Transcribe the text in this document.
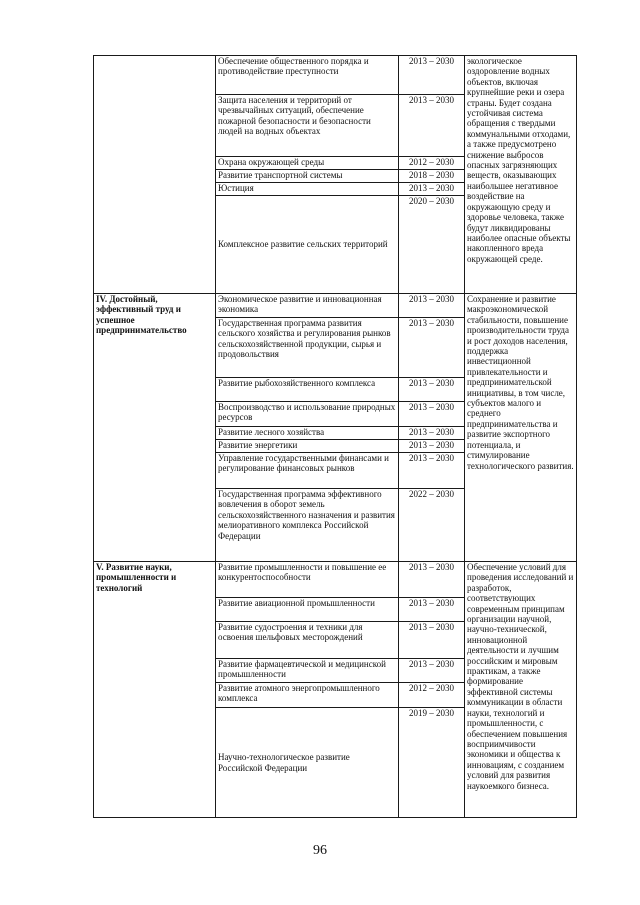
	Обеспечение общественного порядка и противодействие преступности	2013 – 2030	экологическое оздоровление водных объектов, включая крупнейшие реки и озера страны. Будет создана устойчивая система обращения с твердыми коммунальными отходами, а также предусмотрено снижение выбросов опасных загрязняющих веществ, оказывающих наибольшее негативное воздействие на окружающую среду и здоровье человека, также будут ликвидированы наиболее опасные объекты накопленного вреда окружающей среде.
	Защита населения и территорий от чрезвычайных ситуаций, обеспечение пожарной безопасности и безопасности людей на водных объектах	2013 – 2030	
	Охрана окружающей среды	2012 – 2030	
	Развитие транспортной системы	2018 – 2030	
	Юстиция	2013 – 2030	
	Комплексное развитие сельских территорий	2020 – 2030	
IV. Достойный, эффективный труд и успешное предпринимательство	Экономическое развитие и инновационная экономика	2013 – 2030	Сохранение и развитие макроэкономической стабильности, повышение производительности труда и рост доходов населения, поддержка инвестиционной привлекательности и предпринимательской инициативы, в том числе, субъектов малого и среднего предпринимательства и развитие экспортного потенциала, и стимулирование технологического развития.
	Государственная программа развития сельского хозяйства и регулирования рынков сельскохозяйственной продукции, сырья и продовольствия	2013 – 2030	
	Развитие рыбохозяйственного комплекса	2013 – 2030	
	Воспроизводство и использование природных ресурсов	2013 – 2030	
	Развитие лесного хозяйства	2013 – 2030	
	Развитие энергетики	2013 – 2030	
	Управление государственными финансами и регулирование финансовых рынков	2013 – 2030	
	Государственная программа эффективного вовлечения в оборот земель сельскохозяйственного назначения и развития мелиоративного комплекса Российской Федерации	2022 – 2030	
V. Развитие науки, промышленности и технологий	Развитие промышленности и повышение ее конкурентоспособности	2013 – 2030	Обеспечение условий для проведения исследований и разработок, соответствующих современным принципам организации научной, научно-технической, инновационной деятельности и лучшим российским и мировым практикам, а также формирование эффективной системы коммуникации в области науки, технологий и промышленности, с обеспечением повышения восприимчивости экономики и общества к инновациям, с созданием условий для развития наукоемкого бизнеса.
	Развитие авиационной промышленности	2013 – 2030	
	Развитие судостроения и техники для освоения шельфовых месторождений	2013 – 2030	
	Развитие фармацевтической и медицинской промышленности	2013 – 2030	
	Развитие атомного энергопромышленного комплекса	2012 – 2030	
	Научно-технологическое развитие Российской Федерации	2019 – 2030	
96
